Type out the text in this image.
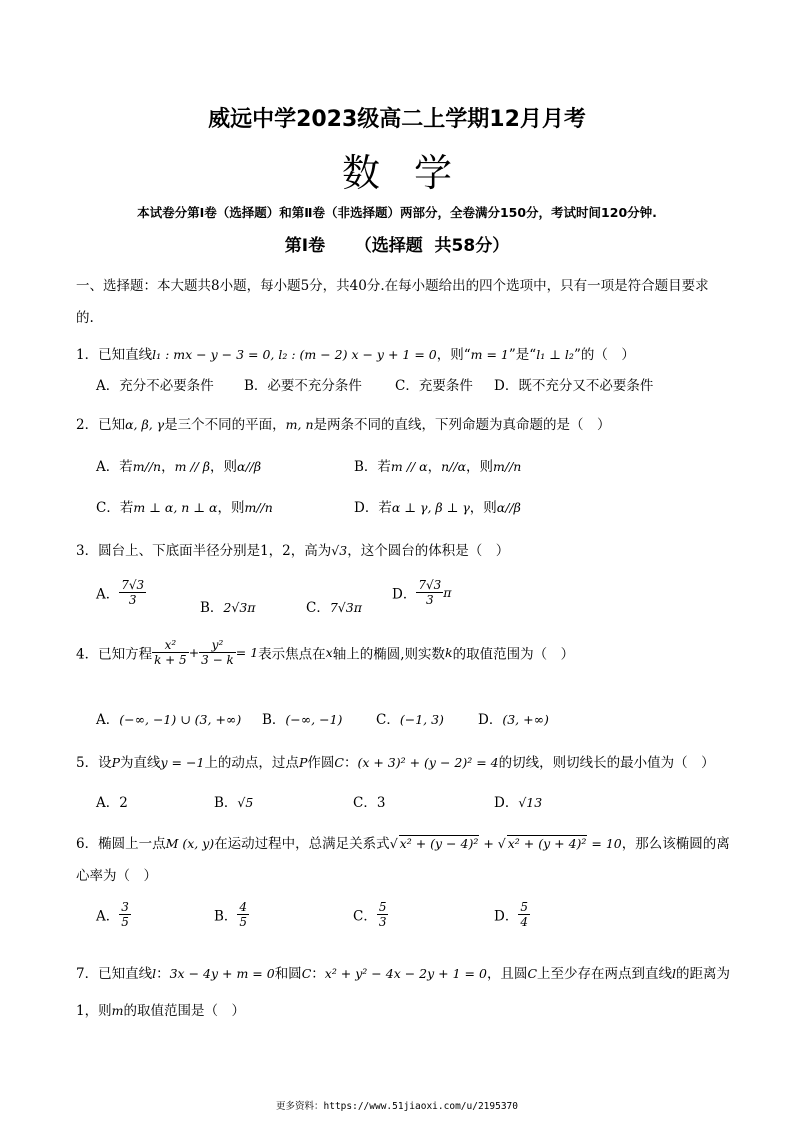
威远中学2023级高二上学期12月月考
数学
本试卷分第Ⅰ卷（选择题）和第Ⅱ卷（非选择题）两部分，全卷满分150分，考试时间120分钟.
第Ⅰ卷 （选择题  共58分）
一、选择题：本大题共8小题，每小题5分，共40分.在每小题给出的四个选项中，只有一项是符合题目要求的.
1．已知直线l₁ : mx − y − 3 = 0, l₂ : (m − 2) x − y + 1 = 0，则“m = 1”是“l₁ ⊥ l₂”的（　）
A．充分不必要条件 B．必要不充分条件 C．充要条件 D．既不充分又不必要条件
2．已知α, β, γ是三个不同的平面，m, n是两条不同的直线，下列命题为真命题的是（　）
A．若m//n，m // β，则α//β	B．若m // α，n//α，则m//n
C．若m ⊥ α, n ⊥ α，则m//n	D．若α ⊥ γ, β ⊥ γ，则α//β
3．圆台上、下底面半径分别是1，2，高为√3，这个圆台的体积是（　）
A． $\frac{7√3}{3}$
B．2√3π	C．7√3π
D． $\frac{7√3}{3}$ π
4．已知方程 $\frac{\text{x²}}{k + 5} + \frac{\text{y²}}{3 - k} = 1$表示焦点在x轴上的椭圆,则实数k的取值范围为（　）
A．(−∞, −1) ∪ (3, +∞) B．(−∞, −1) C．(−1, 3)	D．(3, +∞)
5．设P为直线y = −1上的动点，过点P作圆C：(x + 3)² + (y − 2)² = 4的切线，则切线长的最小值为（　）
A．2	B．√5	C．3	D．√13
6．椭圆上一点M (x, y)在运动过程中，总满足关系式√ x² + (y − 4)² + √ x² + (y + 4)² = 10，那么该椭圆的离
心率为（　）
A． $\frac{3}{5}$	B． $\frac{4}{5}$	C． $\frac{5}{3}$	D． $\frac{5}{4}$
7．已知直线l：3x − 4y + m = 0和圆C：x² + y² − 4x − 2y + 1 = 0，且圆C上至少存在两点到直线l的距离为
1，则m的取值范围是（　）
更多资料：https://www.51jiaoxi.com/u/2195370
